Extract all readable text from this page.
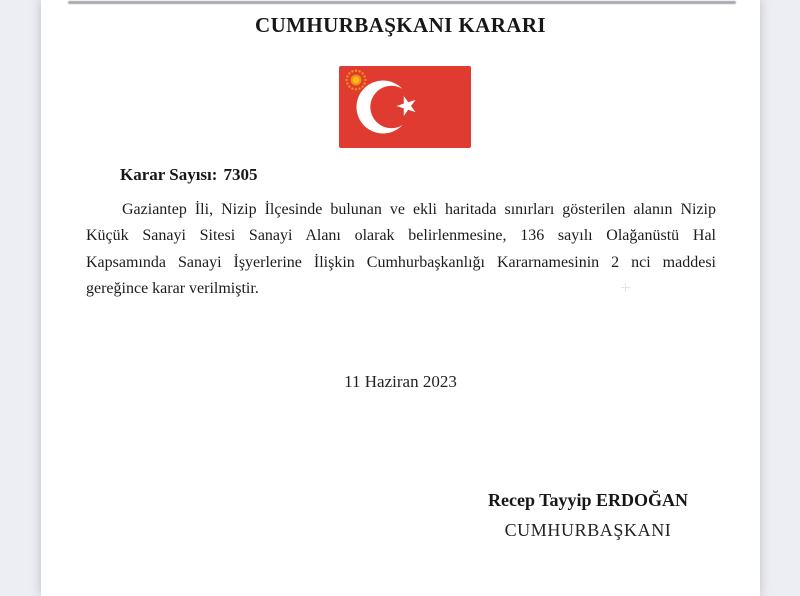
CUMHURBAŞKANI KARARI
Karar Sayısı: 7305
Gaziantep İli, Nizip İlçesinde bulunan ve ekli haritada sınırları gösterilen alanın Nizip
Küçük Sanayi Sitesi Sanayi Alanı olarak belirlenmesine, 136 sayılı Olağanüstü Hal
Kapsamında Sanayi İşyerlerine İlişkin Cumhurbaşkanlığı Kararnamesinin 2 nci maddesi
gereğince karar verilmiştir.
11 Haziran 2023
Recep Tayyip ERDOĞAN
CUMHURBAŞKANI
